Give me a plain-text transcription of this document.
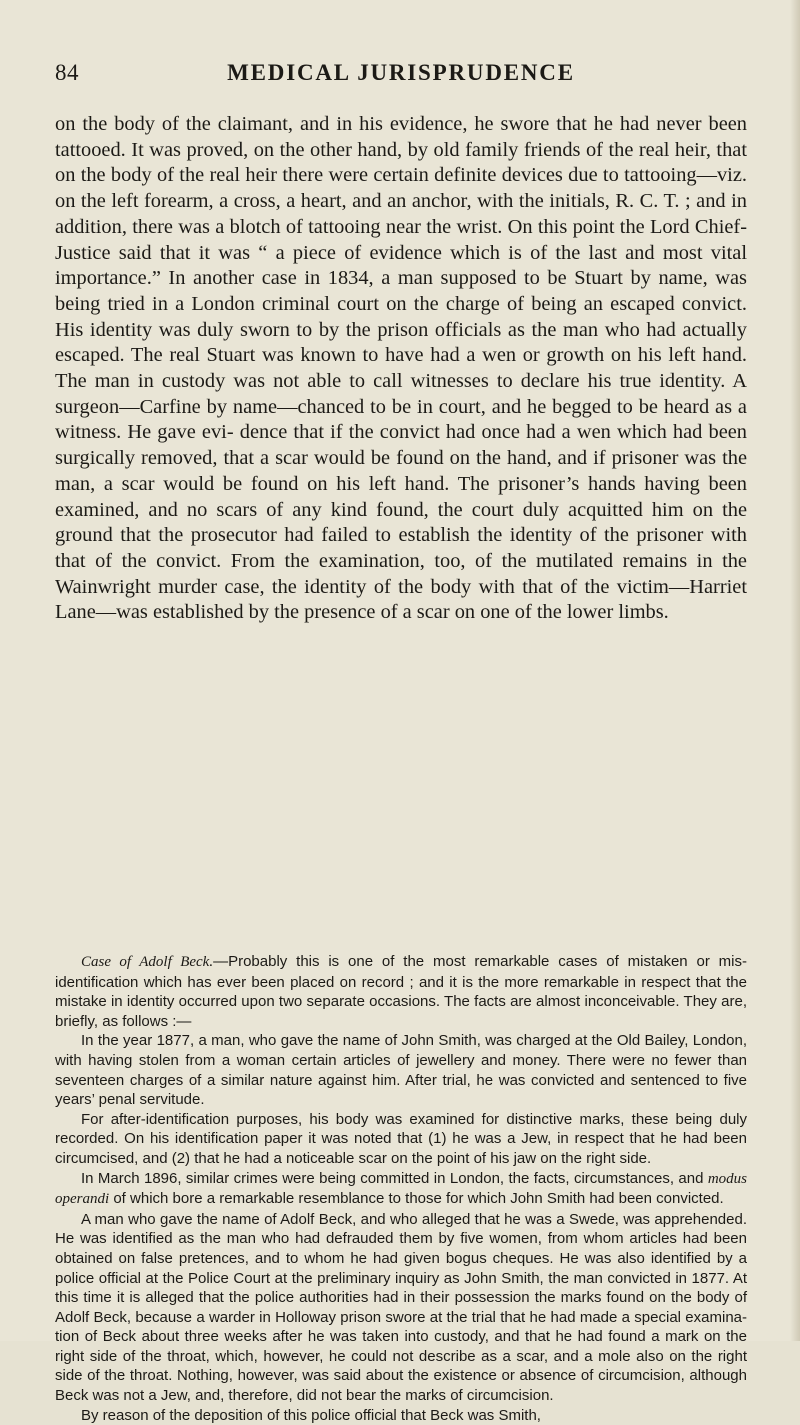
84	MEDICAL JURISPRUDENCE

on the body of the claimant, and in his evidence, he swore that he had never been tattooed. It was proved, on the other hand, by old family friends of the real heir, that on the body of the real heir there were certain definite devices due to tattooing—viz. on the left forearm, a cross, a heart, and an anchor, with the initials, R. C. T. ; and in addition, there was a blotch of tattooing near the wrist. On this point the Lord Chief-Justice said that it was “ a piece of evidence which is of the last and most vital importance.” In another case in 1834, a man supposed to be Stuart by name, was being tried in a London criminal court on the charge of being an escaped convict. His identity was duly sworn to by the prison officials as the man who had actually escaped. The real Stuart was known to have had a wen or growth on his left hand. The man in custody was not able to call witnesses to declare his true identity. A surgeon—Carfine by name—chanced to be in court, and he begged to be heard as a witness. He gave evi- dence that if the convict had once had a wen which had been surgically removed, that a scar would be found on the hand, and if prisoner was the man, a scar would be found on his left hand. The prisoner’s hands having been examined, and no scars of any kind found, the court duly acquitted him on the ground that the prosecutor had failed to establish the identity of the prisoner with that of the convict. From the examination, too, of the mutilated remains in the Wainwright murder case, the identity of the body with that of the victim—Harriet Lane—was established by the presence of a scar on one of the lower limbs.

Case of Adolf Beck.—Probably this is one of the most remarkable cases of mistaken or mis-identification which has ever been placed on record ; and it is the more remarkable in respect that the mistake in identity occurred upon two separate occasions. The facts are almost inconceivable. They are, briefly, as follows :—

In the year 1877, a man, who gave the name of John Smith, was charged at the Old Bailey, London, with having stolen from a woman certain articles of jewellery and money. There were no fewer than seventeen charges of a similar nature against him. After trial, he was convicted and sentenced to five years’ penal servitude.

For after-identification purposes, his body was examined for distinctive marks, these being duly recorded. On his identification paper it was noted that (1) he was a Jew, in respect that he had been circumcised, and (2) that he had a noticeable scar on the point of his jaw on the right side.

In March 1896, similar crimes were being committed in London, the facts, circumstances, and modus operandi of which bore a remarkable resemblance to those for which John Smith had been convicted.

A man who gave the name of Adolf Beck, and who alleged that he was a Swede, was apprehended. He was identified as the man who had defrauded them by five women, from whom articles had been obtained on false pretences, and to whom he had given bogus cheques. He was also identified by a police official at the Police Court at the preliminary inquiry as John Smith, the man convicted in 1877. At this time it is alleged that the police authorities had in their possession the marks found on the body of Adolf Beck, because a warder in Holloway prison swore at the trial that he had made a special examina- tion of Beck about three weeks after he was taken into custody, and that he had found a mark on the right side of the throat, which, however, he could not describe as a scar, and a mole also on the right side of the throat. Nothing, however, was said about the existence or absence of circumcision, although Beck was not a Jew, and, therefore, did not bear the marks of circumcision.

By reason of the deposition of this police official that Beck was Smith,
